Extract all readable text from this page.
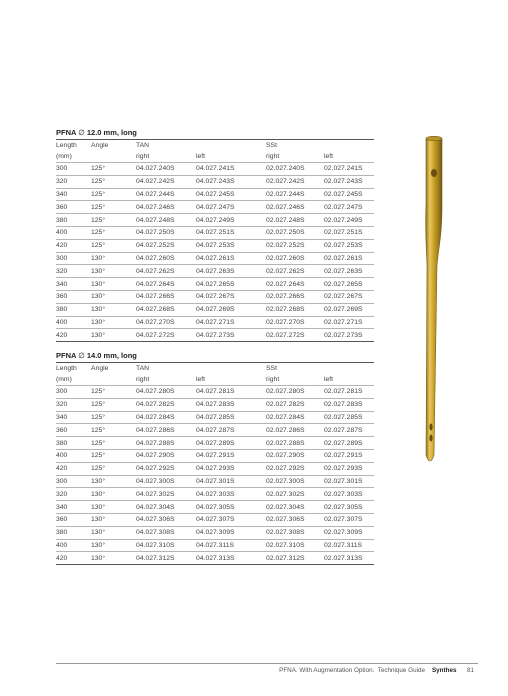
PFNA ∅ 12.0 mm, long
Length	Angle	TAN		SSt	
(mm)		right	left	right	left
300	125°	04.027.240S	04.027.241S	02.027.240S	02.027.241S
320	125°	04.027.242S	04.027.243S	02.027.242S	02.027.243S
340	125°	04.027.244S	04.027.245S	02.027.244S	02.027.245S
360	125°	04.027.246S	04.027.247S	02.027.246S	02.027.247S
380	125°	04.027.248S	04.027.249S	02.027.248S	02.027.249S
400	125°	04.027.250S	04.027.251S	02.027.250S	02.027.251S
420	125°	04.027.252S	04.027.253S	02.027.252S	02.027.253S
300	130°	04.027.260S	04.027.261S	02.027.260S	02.027.261S
320	130°	04.027.262S	04.027.263S	02.027.262S	02.027.263S
340	130°	04.027.264S	04.027.265S	02.027.264S	02.027.265S
360	130°	04.027.266S	04.027.267S	02.027.266S	02.027.267S
380	130°	04.027.268S	04.027.269S	02.027.268S	02.027.269S
400	130°	04.027.270S	04.027.271S	02.027.270S	02.027.271S
420	130°	04.027.272S	04.027.273S	02.027.272S	02.027.273S
PFNA ∅ 14.0 mm, long
Length	Angle	TAN		SSt	
(mm)		right	left	right	left
300	125°	04.027.280S	04.027.281S	02.027.280S	02.027.281S
320	125°	04.027.282S	04.027.283S	02.027.282S	02.027.283S
340	125°	04.027.284S	04.027.285S	02.027.284S	02.027.285S
360	125°	04.027.286S	04.027.287S	02.027.286S	02.027.287S
380	125°	04.027.288S	04.027.289S	02.027.288S	02.027.289S
400	125°	04.027.290S	04.027.291S	02.027.290S	02.027.291S
420	125°	04.027.292S	04.027.293S	02.027.292S	02.027.293S
300	130°	04.027.300S	04.027.301S	02.027.300S	02.027.301S
320	130°	04.027.302S	04.027.303S	02.027.302S	02.027.303S
340	130°	04.027.304S	04.027.305S	02.027.304S	02.027.305S
360	130°	04.027.306S	04.027.307S	02.027.306S	02.027.307S
380	130°	04.027.308S	04.027.309S	02.027.308S	02.027.309S
400	130°	04.027.310S	04.027.311S	02.027.310S	02.027.311S
420	130°	04.027.312S	04.027.313S	02.027.312S	02.027.313S
PFNA. With Augmentation Option. Technique Guide Synthes 81
